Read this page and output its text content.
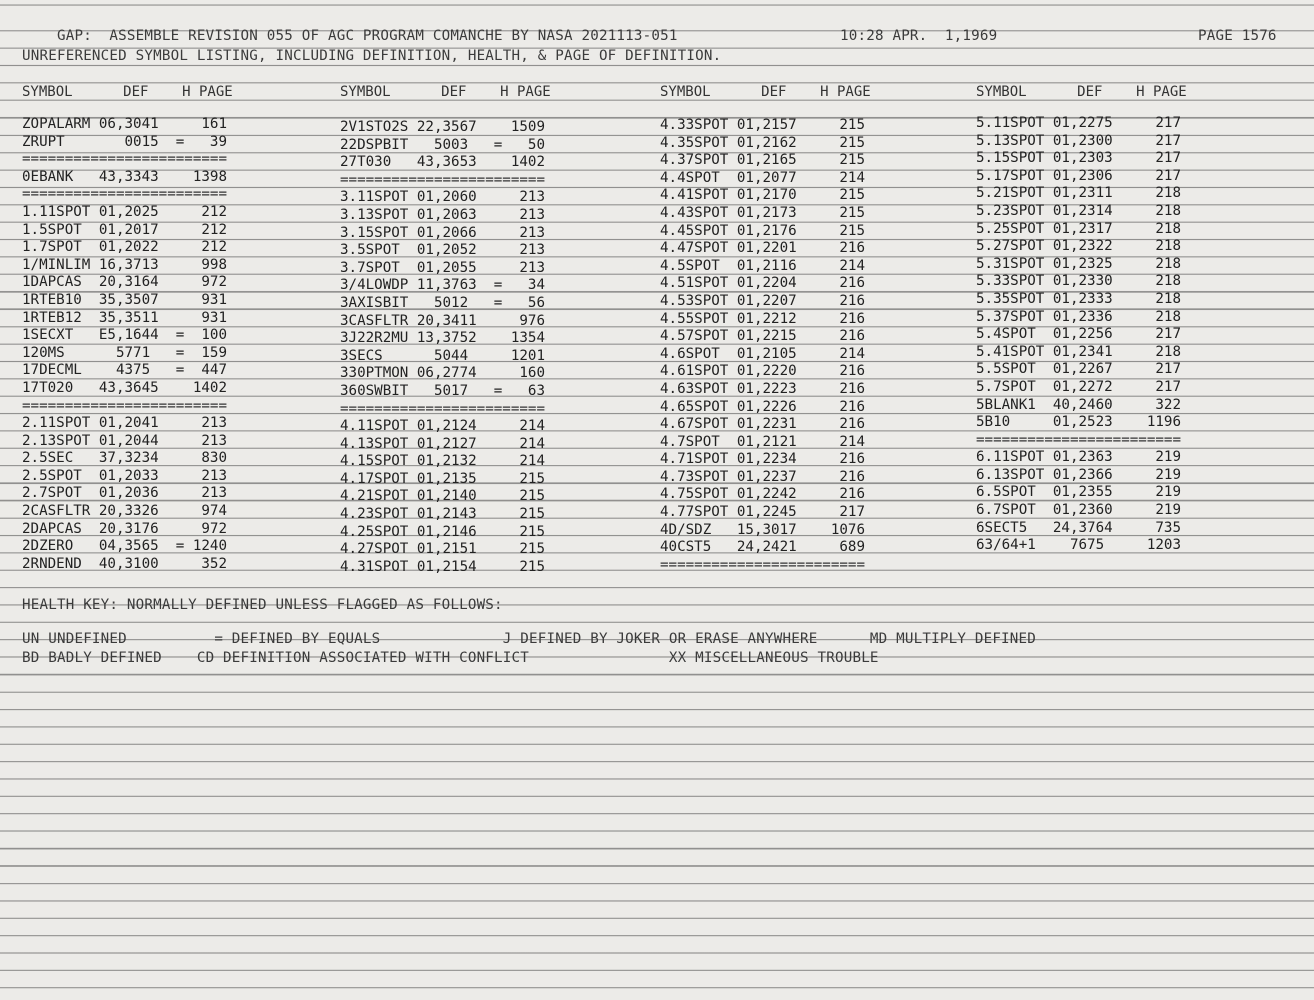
GAP:  ASSEMBLE REVISION 055 OF AGC PROGRAM COMANCHE BY NASA 2021113-051	10:28 APR.  1,1969	PAGE 1576

UNREFERENCED SYMBOL LISTING, INCLUDING DEFINITION, HEALTH, & PAGE OF DEFINITION.
SYMBOL      DEF    H PAGE	SYMBOL      DEF    H PAGE	SYMBOL      DEF    H PAGE	SYMBOL      DEF    H PAGE
ZOPALARM 06,3041     161
ZRUPT       0015  =   39
========================
0EBANK   43,3343    1398
========================
1.11SPOT 01,2025     212
1.5SPOT  01,2017     212
1.7SPOT  01,2022     212
1/MINLIM 16,3713     998
1DAPCAS  20,3164     972
1RTEB10  35,3507     931
1RTEB12  35,3511     931
1SECXT   E5,1644  =  100
120MS      5771   =  159
17DECML    4375   =  447
17T020   43,3645    1402
========================
2.11SPOT 01,2041     213
2.13SPOT 01,2044     213
2.5SEC   37,3234     830
2.5SPOT  01,2033     213
2.7SPOT  01,2036     213
2CASFLTR 20,3326     974
2DAPCAS  20,3176     972
2DZERO   04,3565  = 1240
2RNDEND  40,3100     352
2V1STO2S 22,3567    1509
22DSPBIT   5003   =   50
27T030   43,3653    1402
========================
3.11SPOT 01,2060     213
3.13SPOT 01,2063     213
3.15SPOT 01,2066     213
3.5SPOT  01,2052     213
3.7SPOT  01,2055     213
3/4LOWDP 11,3763  =   34
3AXISBIT   5012   =   56
3CASFLTR 20,3411     976
3J22R2MU 13,3752    1354
3SECS      5044     1201
330PTMON 06,2774     160
360SWBIT   5017   =   63
========================
4.11SPOT 01,2124     214
4.13SPOT 01,2127     214
4.15SPOT 01,2132     214
4.17SPOT 01,2135     215
4.21SPOT 01,2140     215
4.23SPOT 01,2143     215
4.25SPOT 01,2146     215
4.27SPOT 01,2151     215
4.31SPOT 01,2154     215
4.33SPOT 01,2157     215
4.35SPOT 01,2162     215
4.37SPOT 01,2165     215
4.4SPOT  01,2077     214
4.41SPOT 01,2170     215
4.43SPOT 01,2173     215
4.45SPOT 01,2176     215
4.47SPOT 01,2201     216
4.5SPOT  01,2116     214
4.51SPOT 01,2204     216
4.53SPOT 01,2207     216
4.55SPOT 01,2212     216
4.57SPOT 01,2215     216
4.6SPOT  01,2105     214
4.61SPOT 01,2220     216
4.63SPOT 01,2223     216
4.65SPOT 01,2226     216
4.67SPOT 01,2231     216
4.7SPOT  01,2121     214
4.71SPOT 01,2234     216
4.73SPOT 01,2237     216
4.75SPOT 01,2242     216
4.77SPOT 01,2245     217
4D/SDZ   15,3017    1076
40CST5   24,2421     689
========================
5.11SPOT 01,2275     217
5.13SPOT 01,2300     217
5.15SPOT 01,2303     217
5.17SPOT 01,2306     217
5.21SPOT 01,2311     218
5.23SPOT 01,2314     218
5.25SPOT 01,2317     218
5.27SPOT 01,2322     218
5.31SPOT 01,2325     218
5.33SPOT 01,2330     218
5.35SPOT 01,2333     218
5.37SPOT 01,2336     218
5.4SPOT  01,2256     217
5.41SPOT 01,2341     218
5.5SPOT  01,2267     217
5.7SPOT  01,2272     217
5BLANK1  40,2460     322
5B10     01,2523    1196
========================
6.11SPOT 01,2363     219
6.13SPOT 01,2366     219
6.5SPOT  01,2355     219
6.7SPOT  01,2360     219
6SECT5   24,3764     735
63/64+1    7675     1203
HEALTH KEY: NORMALLY DEFINED UNLESS FLAGGED AS FOLLOWS:
UN UNDEFINED          = DEFINED BY EQUALS              J DEFINED BY JOKER OR ERASE ANYWHERE      MD MULTIPLY DEFINED
BD BADLY DEFINED    CD DEFINITION ASSOCIATED WITH CONFLICT                XX MISCELLANEOUS TROUBLE
